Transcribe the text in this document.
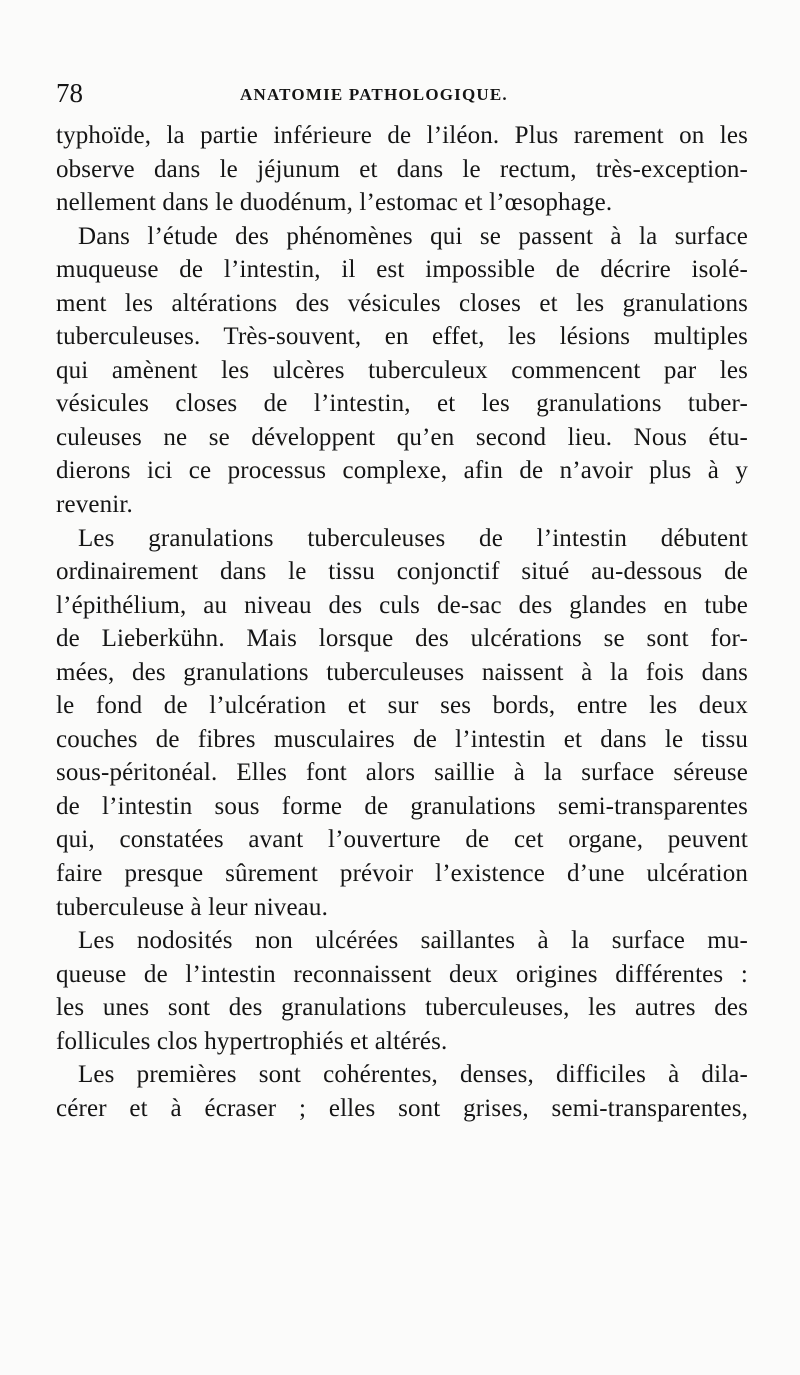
78	ANATOMIE PATHOLOGIQUE.
typhoïde, la partie inférieure de l’iléon. Plus rarement on les
observe dans le jéjunum et dans le rectum, très-exception-
nellement dans le duodénum, l’estomac et l’œsophage.
Dans l’étude des phénomènes qui se passent à la surface
muqueuse de l’intestin, il est impossible de décrire isolé-
ment les altérations des vésicules closes et les granulations
tuberculeuses. Très-souvent, en effet, les lésions multiples
qui amènent les ulcères tuberculeux commencent par les
vésicules closes de l’intestin, et les granulations tuber-
culeuses ne se développent qu’en second lieu. Nous étu-
dierons ici ce processus complexe, afin de n’avoir plus à y
revenir.
Les granulations tuberculeuses de l’intestin débutent
ordinairement dans le tissu conjonctif situé au-dessous de
l’épithélium, au niveau des culs de-sac des glandes en tube
de Lieberkühn. Mais lorsque des ulcérations se sont for-
mées, des granulations tuberculeuses naissent à la fois dans
le fond de l’ulcération et sur ses bords, entre les deux
couches de fibres musculaires de l’intestin et dans le tissu
sous-péritonéal. Elles font alors saillie à la surface séreuse
de l’intestin sous forme de granulations semi-transparentes
qui, constatées avant l’ouverture de cet organe, peuvent
faire presque sûrement prévoir l’existence d’une ulcération
tuberculeuse à leur niveau.
Les nodosités non ulcérées saillantes à la surface mu-
queuse de l’intestin reconnaissent deux origines différentes :
les unes sont des granulations tuberculeuses, les autres des
follicules clos hypertrophiés et altérés.
Les premières sont cohérentes, denses, difficiles à dila-
cérer et à écraser ; elles sont grises, semi-transparentes,
